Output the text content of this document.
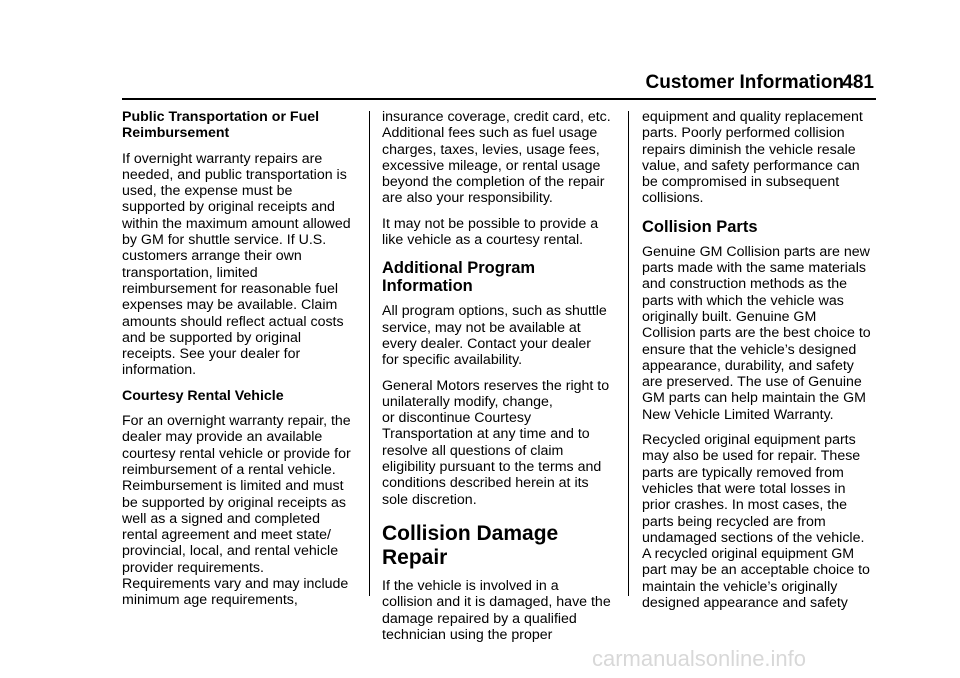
Customer Information
481
Public Transportation or Fuel
Reimbursement

If overnight warranty repairs are
needed, and public transportation is
used, the expense must be
supported by original receipts and
within the maximum amount allowed
by GM for shuttle service. If U.S.
customers arrange their own
transportation, limited
reimbursement for reasonable fuel
expenses may be available. Claim
amounts should reflect actual costs
and be supported by original
receipts. See your dealer for
information.

Courtesy Rental Vehicle

For an overnight warranty repair, the
dealer may provide an available
courtesy rental vehicle or provide for
reimbursement of a rental vehicle.
Reimbursement is limited and must
be supported by original receipts as
well as a signed and completed
rental agreement and meet state/
provincial, local, and rental vehicle
provider requirements.
Requirements vary and may include
minimum age requirements,

insurance coverage, credit card, etc.
Additional fees such as fuel usage
charges, taxes, levies, usage fees,
excessive mileage, or rental usage
beyond the completion of the repair
are also your responsibility.

It may not be possible to provide a
like vehicle as a courtesy rental.

Additional Program
Information

All program options, such as shuttle
service, may not be available at
every dealer. Contact your dealer
for specific availability.

General Motors reserves the right to
unilaterally modify, change,
or discontinue Courtesy
Transportation at any time and to
resolve all questions of claim
eligibility pursuant to the terms and
conditions described herein at its
sole discretion.

Collision Damage Repair

If the vehicle is involved in a
collision and it is damaged, have the
damage repaired by a qualified
technician using the proper

equipment and quality replacement
parts. Poorly performed collision
repairs diminish the vehicle resale
value, and safety performance can
be compromised in subsequent
collisions.

Collision Parts

Genuine GM Collision parts are new
parts made with the same materials
and construction methods as the
parts with which the vehicle was
originally built. Genuine GM
Collision parts are the best choice to
ensure that the vehicle’s designed
appearance, durability, and safety
are preserved. The use of Genuine
GM parts can help maintain the GM
New Vehicle Limited Warranty.

Recycled original equipment parts
may also be used for repair. These
parts are typically removed from
vehicles that were total losses in
prior crashes. In most cases, the
parts being recycled are from
undamaged sections of the vehicle.
A recycled original equipment GM
part may be an acceptable choice to
maintain the vehicle’s originally
designed appearance and safety

carmanualsonline.info
